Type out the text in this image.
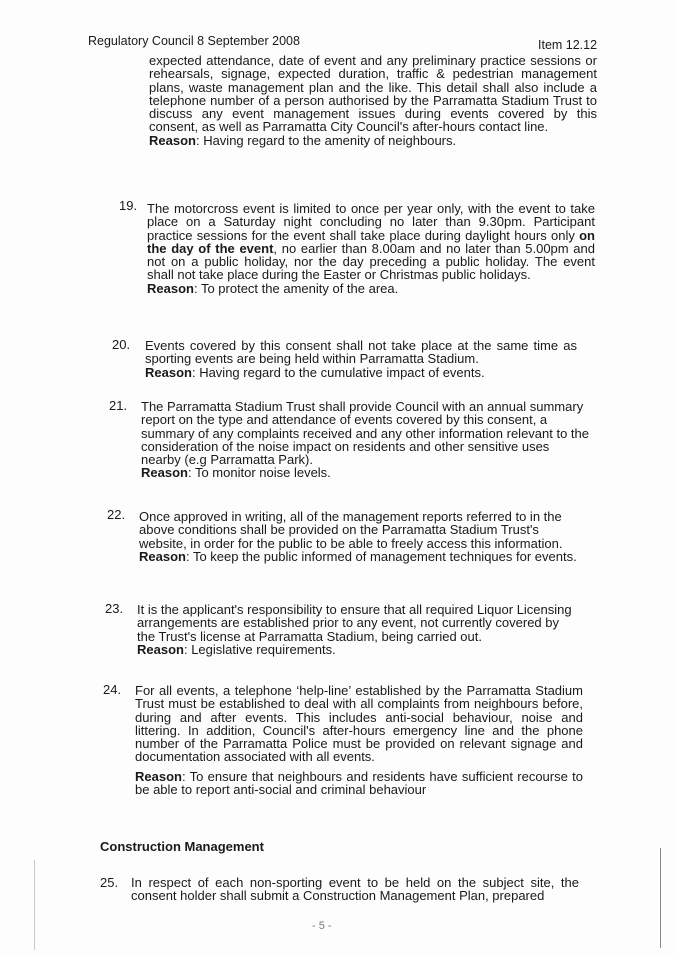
Regulatory Council 8 September 2008	Item 12.12
expected attendance, date of event and any preliminary practice sessions or rehearsals, signage, expected duration, traffic & pedestrian management plans, waste management plan and the like. This detail shall also include a telephone number of a person authorised by the Parramatta Stadium Trust to discuss any event management issues during events covered by this consent, as well as Parramatta City Council's after-hours contact line.
Reason: Having regard to the amenity of neighbours.
19. The motorcross event is limited to once per year only, with the event to take place on a Saturday night concluding no later than 9.30pm. Participant practice sessions for the event shall take place during daylight hours only on the day of the event, no earlier than 8.00am and no later than 5.00pm and not on a public holiday, nor the day preceding a public holiday. The event shall not take place during the Easter or Christmas public holidays.
Reason: To protect the amenity of the area.
20. Events covered by this consent shall not take place at the same time as sporting events are being held within Parramatta Stadium.
Reason: Having regard to the cumulative impact of events.
21. The Parramatta Stadium Trust shall provide Council with an annual summary report on the type and attendance of events covered by this consent, a summary of any complaints received and any other information relevant to the consideration of the noise impact on residents and other sensitive uses nearby (e.g Parramatta Park).
Reason: To monitor noise levels.
22. Once approved in writing, all of the management reports referred to in the above conditions shall be provided on the Parramatta Stadium Trust's website, in order for the public to be able to freely access this information.
Reason: To keep the public informed of management techniques for events.
23. It is the applicant's responsibility to ensure that all required Liquor Licensing arrangements are established prior to any event, not currently covered by the Trust's license at Parramatta Stadium, being carried out.
Reason: Legislative requirements.
24. For all events, a telephone ‘help-line’ established by the Parramatta Stadium Trust must be established to deal with all complaints from neighbours before, during and after events. This includes anti-social behaviour, noise and littering. In addition, Council's after-hours emergency line and the phone number of the Parramatta Police must be provided on relevant signage and documentation associated with all events.

Reason: To ensure that neighbours and residents have sufficient recourse to be able to report anti-social and criminal behaviour
Construction Management
25. In respect of each non-sporting event to be held on the subject site, the consent holder shall submit a Construction Management Plan, prepared
- 5 -
